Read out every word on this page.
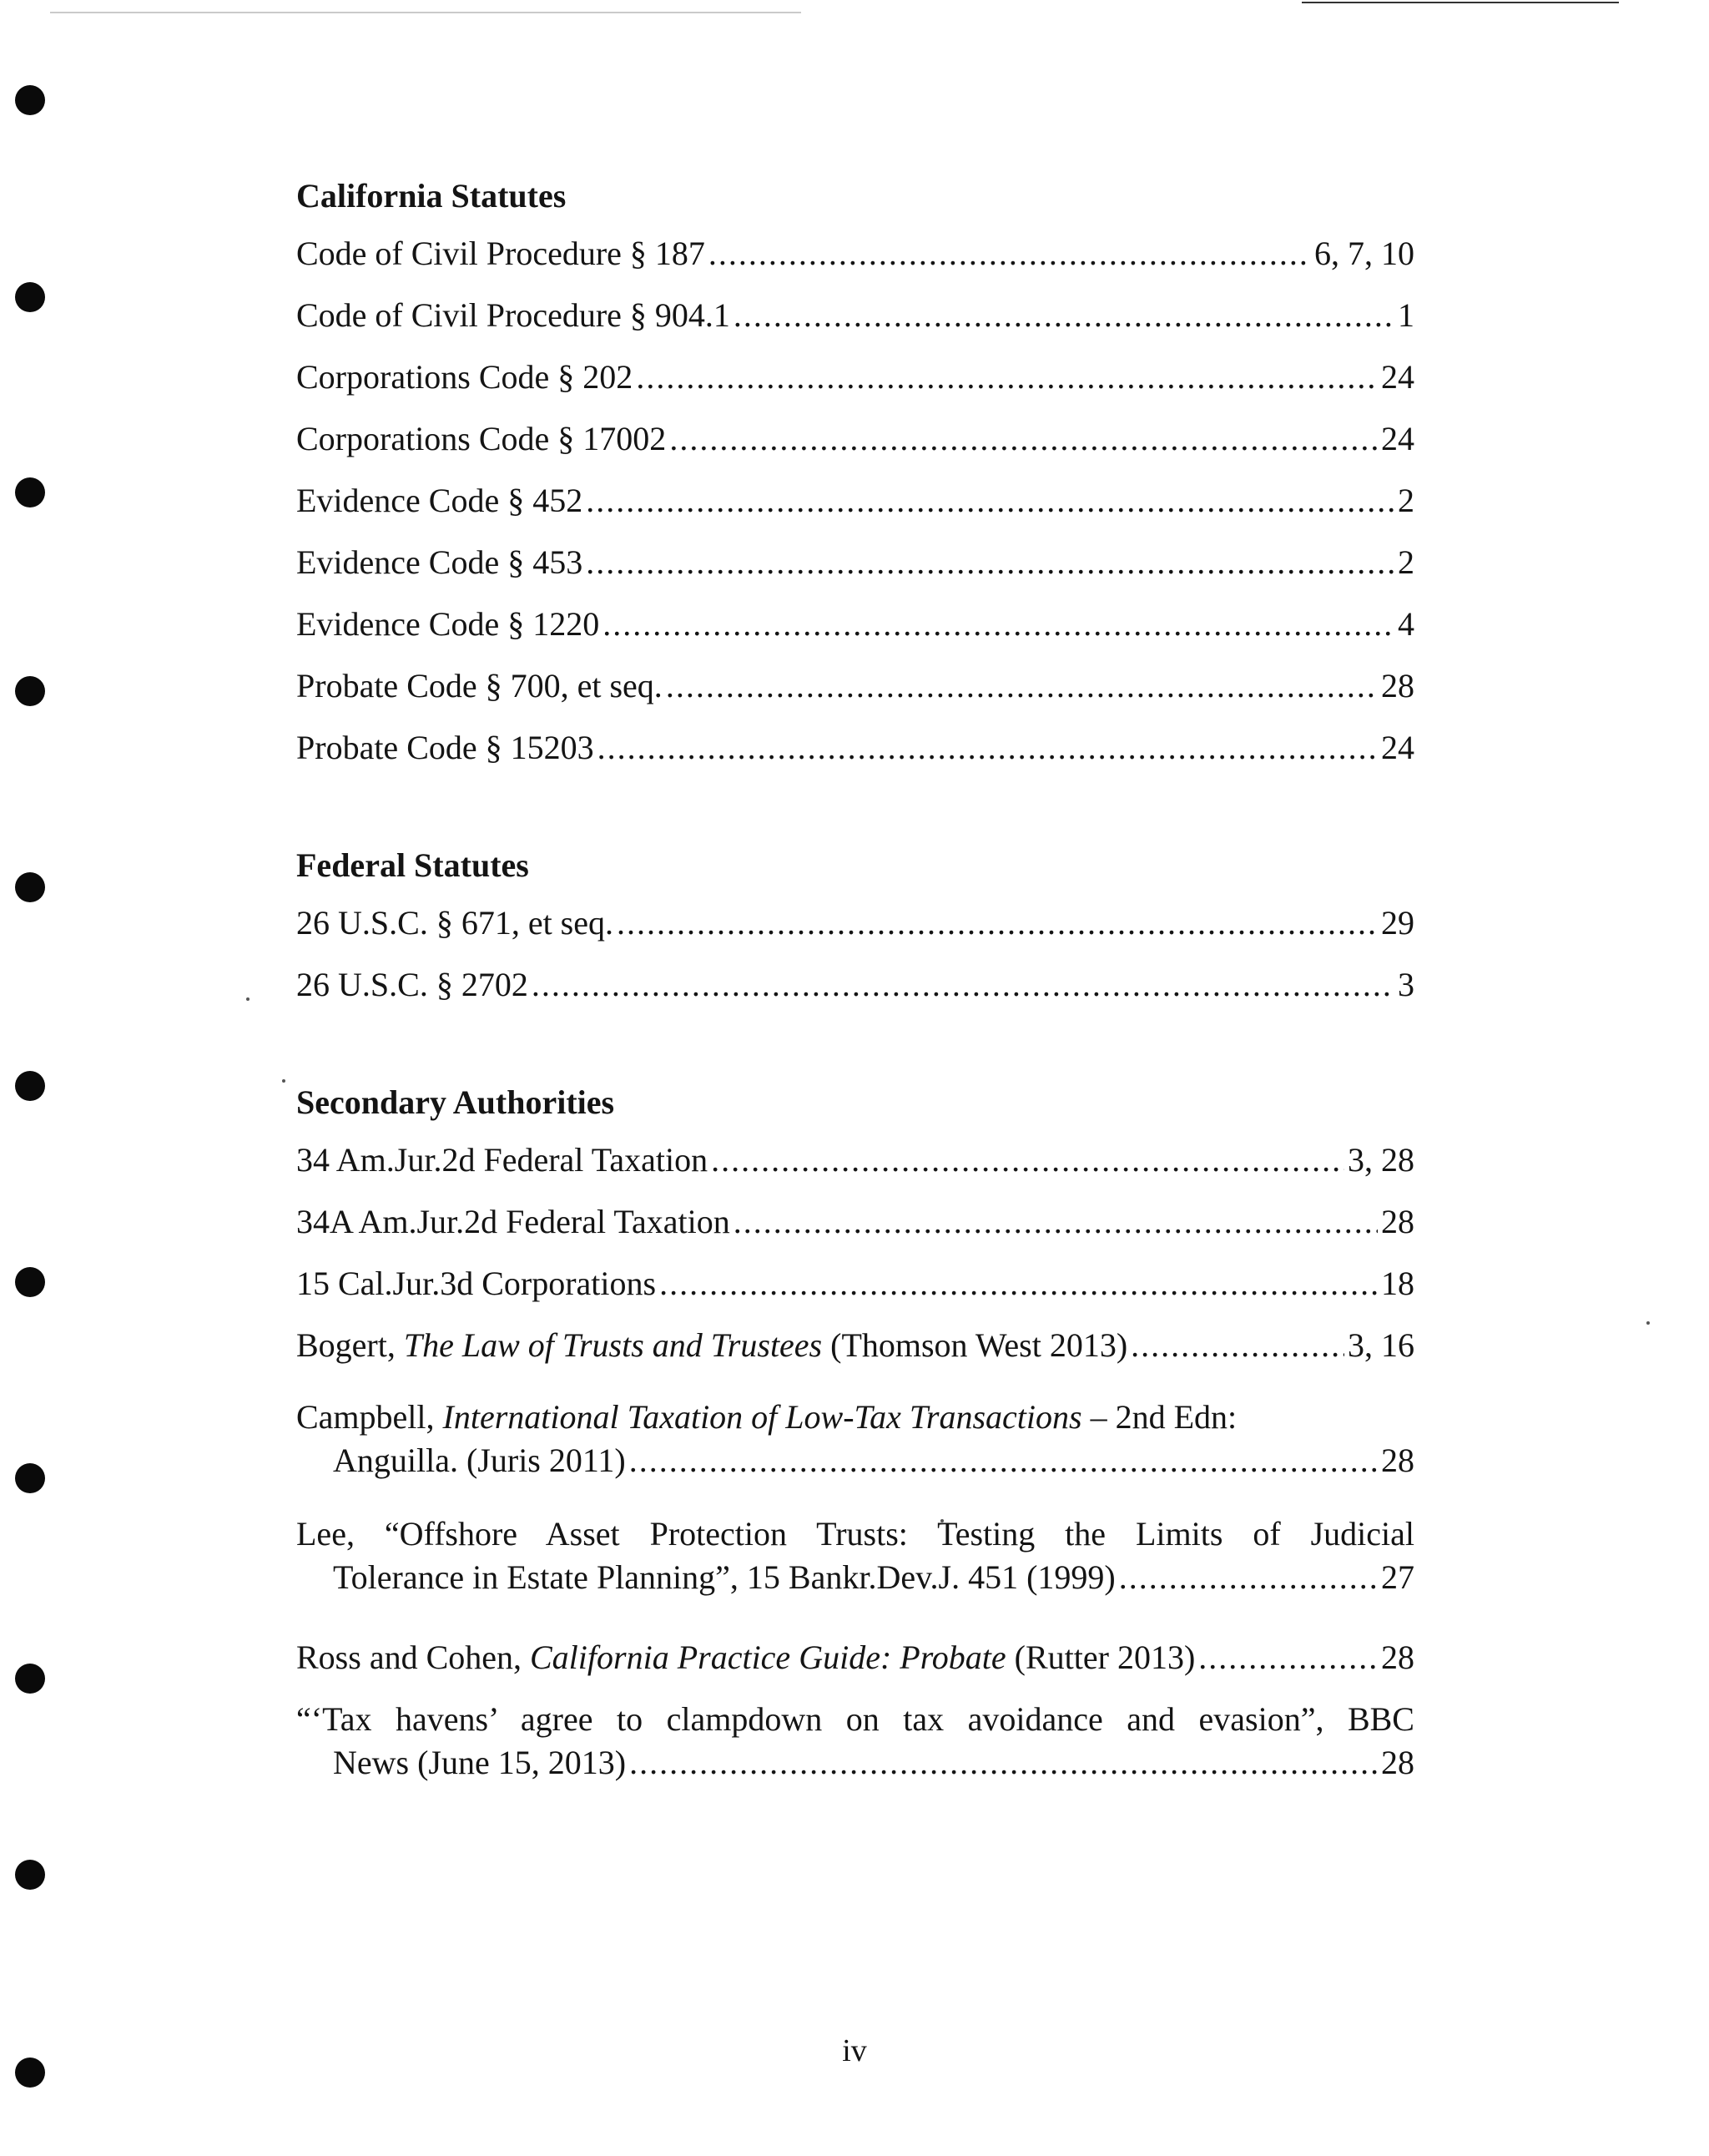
California Statutes
Code of Civil Procedure § 187 .....	6, 7, 10
Code of Civil Procedure § 904.1 .....	1
Corporations Code § 202 .....	24
Corporations Code § 17002 .....	24
Evidence Code § 452 .....	2
Evidence Code § 453 .....	2
Evidence Code § 1220 .....	4
Probate Code § 700, et seq. .....	28
Probate Code § 15203 .....	24
Federal Statutes
26 U.S.C. § 671, et seq. .....	29
26 U.S.C. § 2702 .....	3
Secondary Authorities
34 Am.Jur.2d Federal Taxation .....	3, 28
34A Am.Jur.2d Federal Taxation .....	28
15 Cal.Jur.3d Corporations .....	18
Bogert, The Law of Trusts and Trustees (Thomson West 2013) .....	3, 16
Campbell, International Taxation of Low-Tax Transactions – 2nd Edn:
Anguilla. (Juris 2011) .....	28
Lee, “Offshore Asset Protection Trusts: Testing the Limits of Judicial
Tolerance in Estate Planning”, 15 Bankr.Dev.J. 451 (1999) .....	27
Ross and Cohen, California Practice Guide: Probate (Rutter 2013) .....	28
“‘Tax havens’ agree to clampdown on tax avoidance and evasion”, BBC
News (June 15, 2013) .....	28
iv
